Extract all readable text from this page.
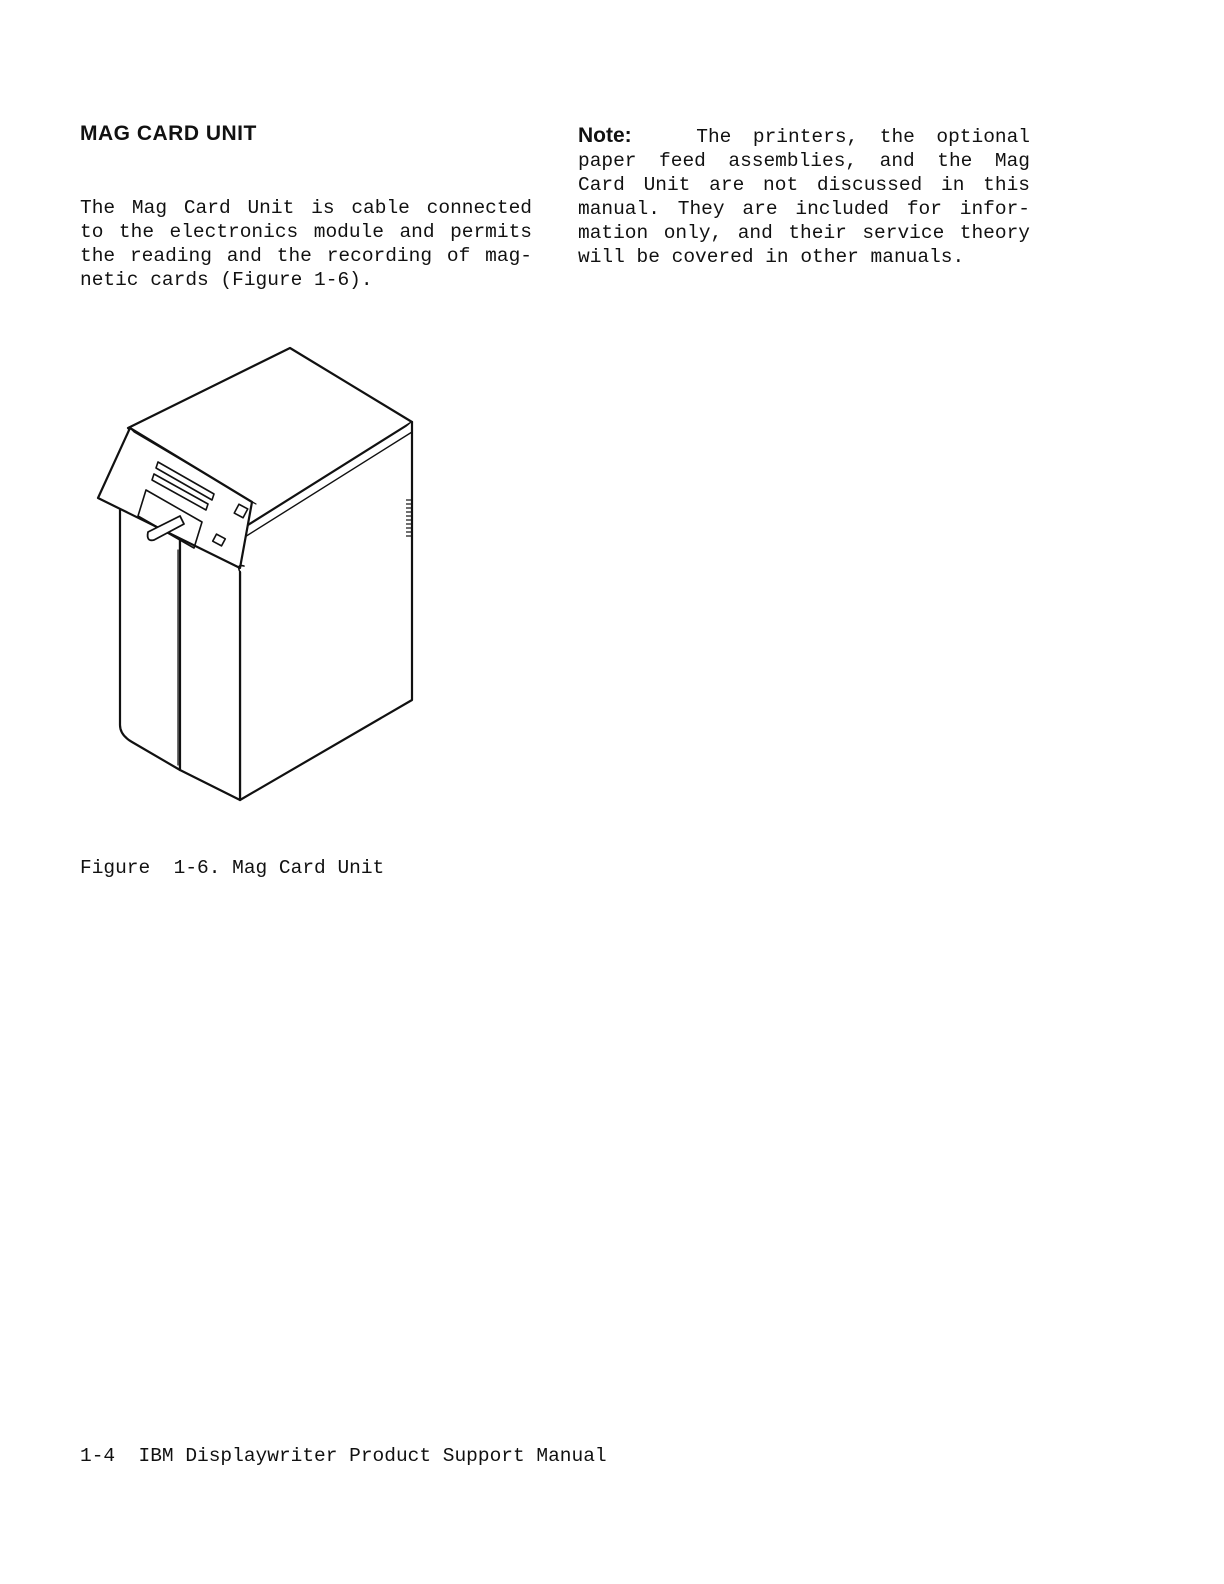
MAG CARD UNIT

The Mag Card Unit is cable connected
to the electronics module and permits
the reading and the recording of mag-
netic cards (Figure 1-6).

Note:	The printers, the optional
paper feed assemblies, and the Mag
Card Unit are not discussed in this
manual. They are included for infor-
mation only, and their service theory
will be covered in other manuals.

Figure  1-6. Mag Card Unit

1-4 IBM Displaywriter Product Support Manual
